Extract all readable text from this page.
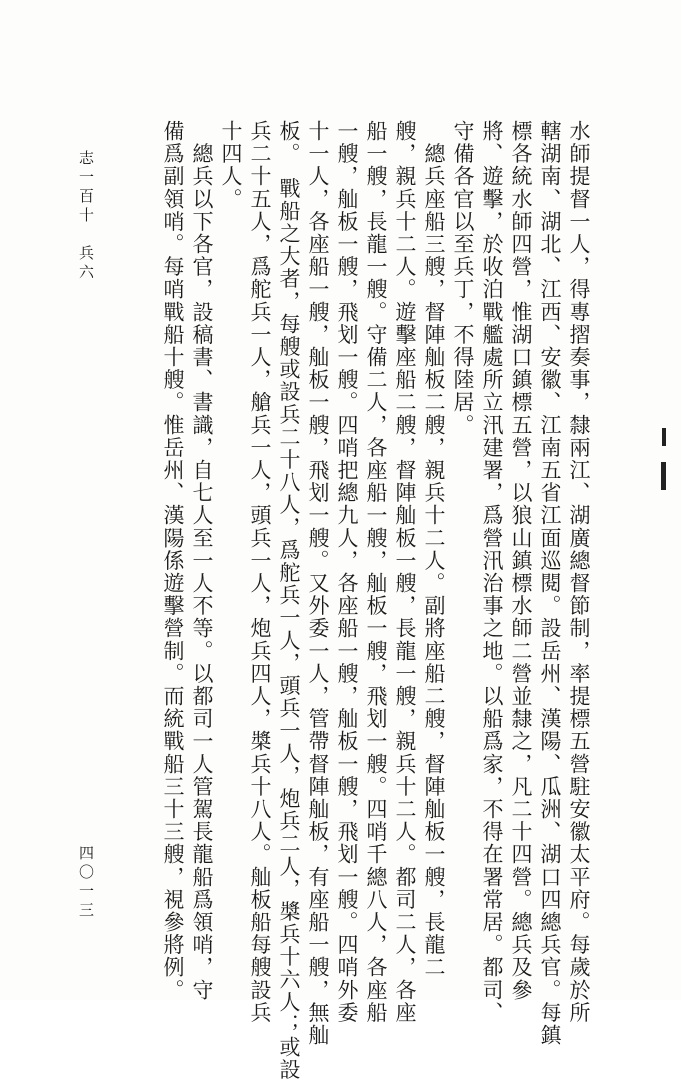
水師提督一人，得專摺奏事，隸兩江、湖廣總督節制，率提標五營駐安徽太平府。每歲於所
轄湖南、湖北、江西、安徽、江南五省江面巡閱。設岳州、漢陽、瓜洲、湖口四總兵官。每鎮
標各統水師四營，惟湖口鎮標五營，以狼山鎮標水師二營並隸之，凡二十四營。總兵及參
將、遊擊，於收泊戰艦處所立汛建署，爲營汛治事之地。以船爲家，不得在署常居。都司、
守備各官以至兵丁，不得陸居。
　總兵座船三艘，督陣舢板二艘，親兵十二人。副將座船二艘，督陣舢板一艘，長龍二
艘，親兵十二人。遊擊座船二艘，督陣舢板一艘，長龍一艘，親兵十二人。都司二人，各座
船一艘，長龍一艘。守備二人，各座船一艘，舢板一艘，飛划一艘。四哨千總八人，各座船
一艘，舢板一艘，飛划一艘。四哨把總九人，各座船一艘，舢板一艘，飛划一艘。四哨外委
十一人，各座船一艘，舢板一艘，飛划一艘。又外委一人，管帶督陣舢板，有座船一艘，無舢
板。　戰船之大者，每艘或設兵二十八人，爲舵兵一人，頭兵一人，炮兵二人，槳兵十六人；或設
兵二十五人，爲舵兵一人，艙兵一人，頭兵一人，炮兵四人，槳兵十八人。舢板船每艘設兵
十四人。
　總兵以下各官，設稿書、書識，自七人至一人不等。以都司一人管駕長龍船爲領哨，守
備爲副領哨。每哨戰船十艘。惟岳州、漢陽係遊擊營制。而統戰船三十三艘，視參將例。
志一百十　兵六
四〇一三
